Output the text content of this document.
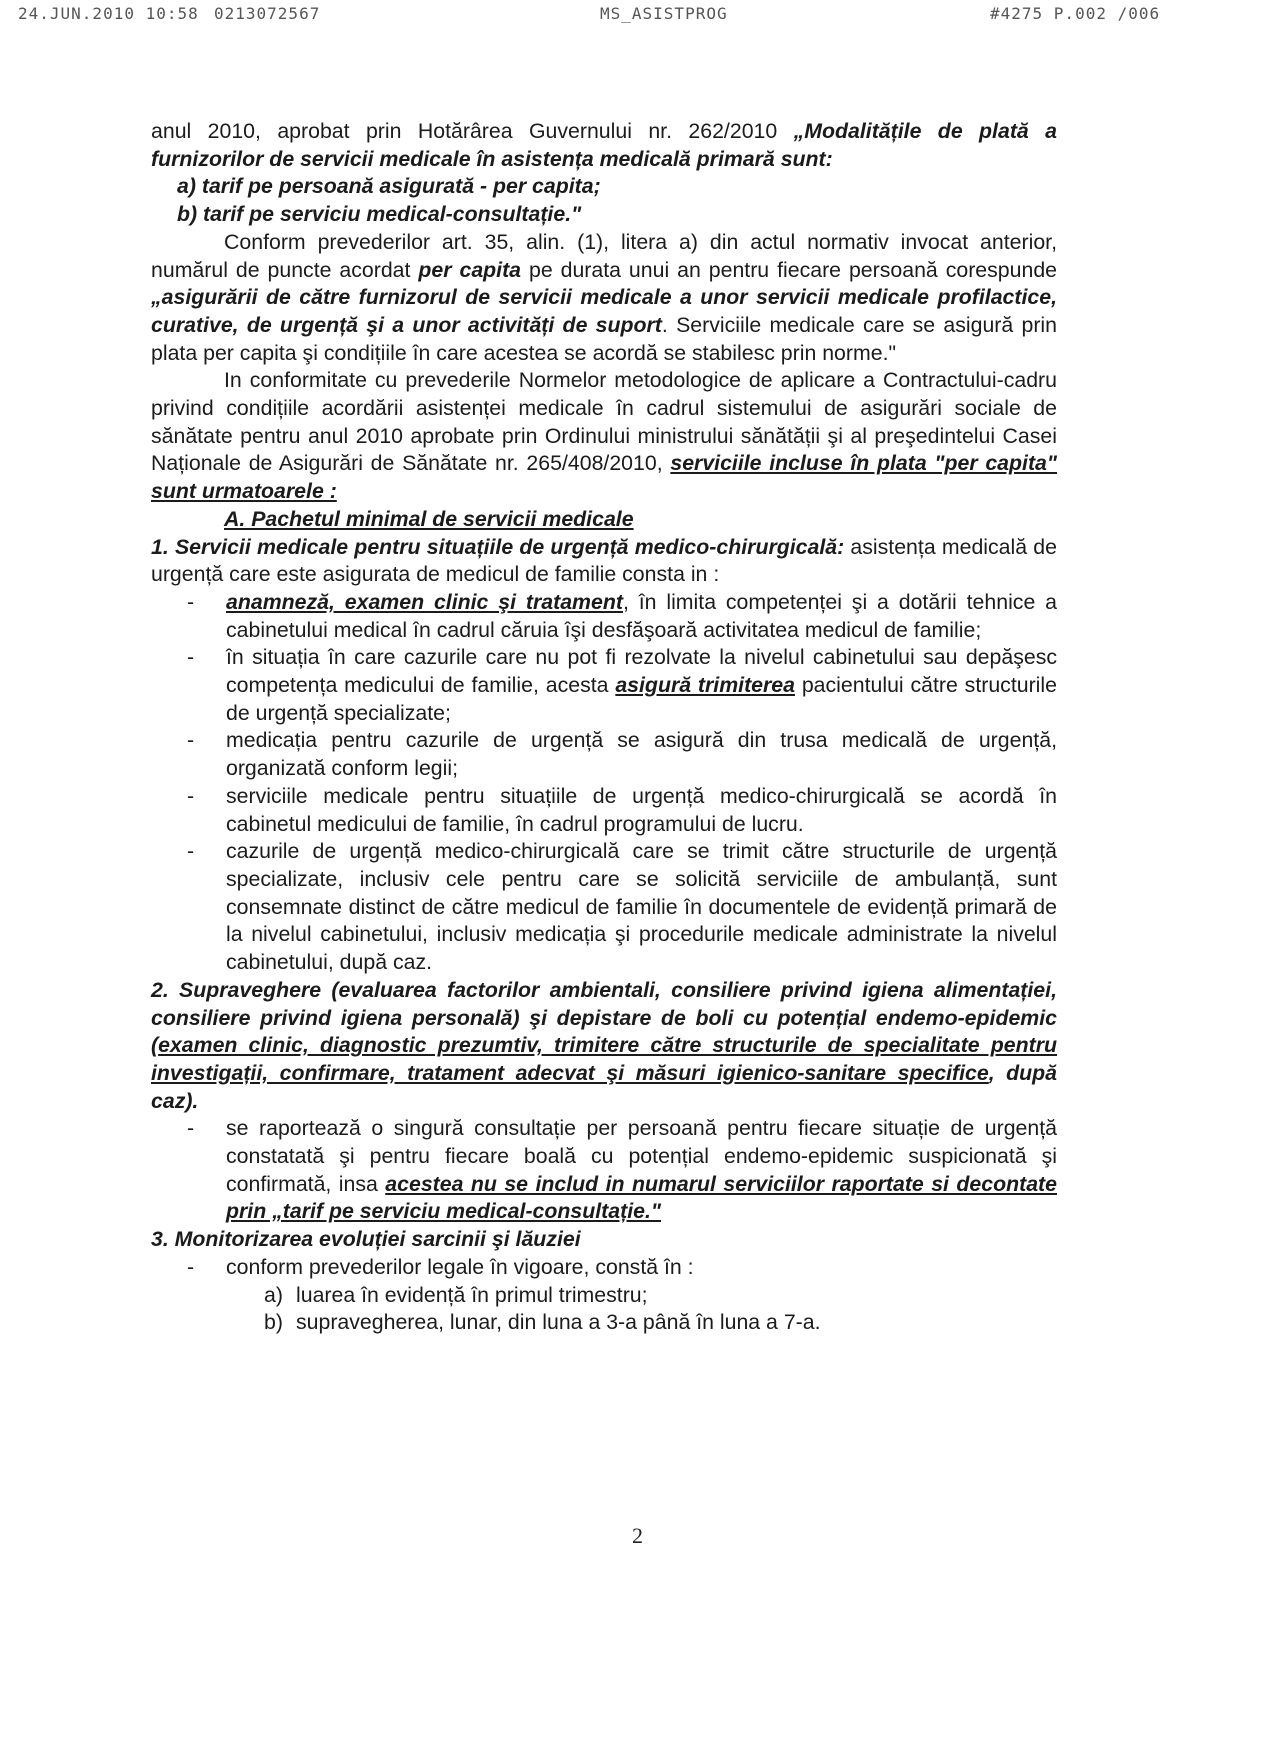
24.JUN.2010 10:58 0213072567	MS_ASISTPROG	#4275 P.002 /006

anul 2010, aprobat prin Hotărârea Guvernului nr. 262/2010 „Modalitățile de plată a furnizorilor de servicii medicale în asistența medicală primară sunt:

a) tarif pe persoană asigurată - per capita;

b) tarif pe serviciu medical-consultație."

Conform prevederilor art. 35, alin. (1), litera a) din actul normativ invocat anterior, numărul de puncte acordat per capita pe durata unui an pentru fiecare persoană corespunde „asigurării de către furnizorul de servicii medicale a unor servicii medicale profilactice, curative, de urgență şi a unor activități de suport. Serviciile medicale care se asigură prin plata per capita şi condițiile în care acestea se acordă se stabilesc prin norme."

In conformitate cu prevederile Normelor metodologice de aplicare a Contractului-cadru privind condițiile acordării asistenței medicale în cadrul sistemului de asigurări sociale de sănătate pentru anul 2010 aprobate prin Ordinului ministrului sănătății şi al preşedintelui Casei Naționale de Asigurări de Sănătate nr. 265/408/2010, serviciile incluse în plata "per capita" sunt urmatoarele :

A. Pachetul minimal de servicii medicale

1. Servicii medicale pentru situațiile de urgență medico-chirurgicală: asistența medicală de urgență care este asigurata de medicul de familie consta in :

- anamneză, examen clinic şi tratament, în limita competenței şi a dotării tehnice a cabinetului medical în cadrul căruia îşi desfăşoară activitatea medicul de familie;
- în situația în care cazurile care nu pot fi rezolvate la nivelul cabinetului sau depăşesc competența medicului de familie, acesta asigură trimiterea pacientului către structurile de urgență specializate;
- medicația pentru cazurile de urgență se asigură din trusa medicală de urgență, organizată conform legii;
- serviciile medicale pentru situațiile de urgență medico-chirurgicală se acordă în cabinetul medicului de familie, în cadrul programului de lucru.
- cazurile de urgență medico-chirurgicală care se trimit către structurile de urgență specializate, inclusiv cele pentru care se solicită serviciile de ambulanță, sunt consemnate distinct de către medicul de familie în documentele de evidență primară de la nivelul cabinetului, inclusiv medicația şi procedurile medicale administrate la nivelul cabinetului, după caz.

2. Supraveghere (evaluarea factorilor ambientali, consiliere privind igiena alimentației, consiliere privind igiena personală) şi depistare de boli cu potențial endemo-epidemic (examen clinic, diagnostic prezumtiv, trimitere către structurile de specialitate pentru investigații, confirmare, tratament adecvat şi măsuri igienico-sanitare specifice, după caz).

- se raportează o singură consultație per persoană pentru fiecare situație de urgență constatată şi pentru fiecare boală cu potențial endemo-epidemic suspicionată şi confirmată, insa acestea nu se includ in numarul serviciilor raportate si decontate prin „tarif pe serviciu medical-consultație."

3. Monitorizarea evoluției sarcinii şi lăuziei

- conform prevederilor legale în vigoare, constă în :
a) luarea în evidență în primul trimestru;
b) supravegherea, lunar, din luna a 3-a până în luna a 7-a.
2
